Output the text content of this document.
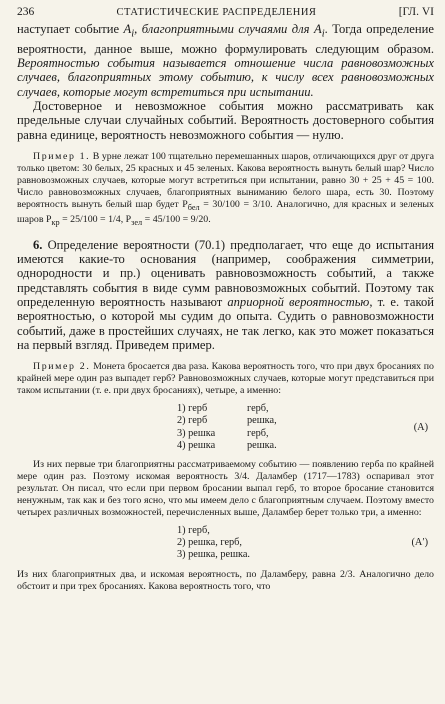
236	СТАТИСТИЧЕСКИЕ РАСПРЕДЕЛЕНИЯ	[ГЛ. VI

наступает событие $A_i$, благоприятными случаями для $A_i$. Тогда определение вероятности, данное выше, можно формулировать следующим образом. Вероятностью события называется отношение числа равновозможных случаев, благоприятных этому событию, к числу всех равновозможных случаев, которые могут встретиться при испытании.

Достоверное и невозможное события можно рассматривать как предельные случаи случайных событий. Вероятность достоверного события равна единице, вероятность невозможного события — нулю.

Пример 1. В урне лежат 100 тщательно перемешанных шаров, отличающихся друг от друга только цветом: 30 белых, 25 красных и 45 зеленых. Какова вероятность вынуть белый шар? Число равновозможных случаев, которые могут встретиться при испытании, равно 30 + 25 + 45 = 100. Число равновозможных случаев, благоприятных выниманию белого шара, есть 30. Поэтому вероятность вынуть белый шар будет $P_{бел} = 30/100 = 3/10$. Аналогично, для красных и зеленых шаров $P_{кр} = 25/100 = 1/4$, $P_{зел} = 45/100 = 9/20$.

6. Определение вероятности (70.1) предполагает, что еще до испытания имеются какие-то основания (например, соображения симметрии, однородности и пр.) оценивать равновозможность событий, а также представлять события в виде сумм равновозможных событий. Поэтому так определенную вероятность называют априорной вероятностью, т. е. такой вероятностью, о которой мы судим до опыта. Судить о равновозможности событий, даже в простейших случаях, не так легко, как это может показаться на первый взгляд. Приведем пример.

Пример 2. Монета бросается два раза. Какова вероятность того, что при двух бросаниях по крайней мере один раз выпадет герб? Равновозможных случаев, которые могут представиться при таком испытании (т. е. при двух бросаниях), четыре, а именно:

1) герб	герб,
2) герб	решка,
3) решка	герб,
4) решка	решка.
(A)

Из них первые три благоприятны рассматриваемому событию — появлению герба по крайней мере один раз. Поэтому искомая вероятность 3/4. Даламбер (1717—1783) оспаривал этот результат. Он писал, что если при первом бросании выпал герб, то второе бросание становится ненужным, так как и без того ясно, что мы имеем дело с благоприятным случаем. Поэтому вместо четырех различных возможностей, перечисленных выше, Даламбер берет только три, а именно:

1) герб,
2) решка, герб,
3) решка, решка.
(A′)

Из них благоприятных два, и искомая вероятность, по Даламберу, равна 2/3. Аналогично дело обстоит и при трех бросаниях. Какова вероятность того, что
